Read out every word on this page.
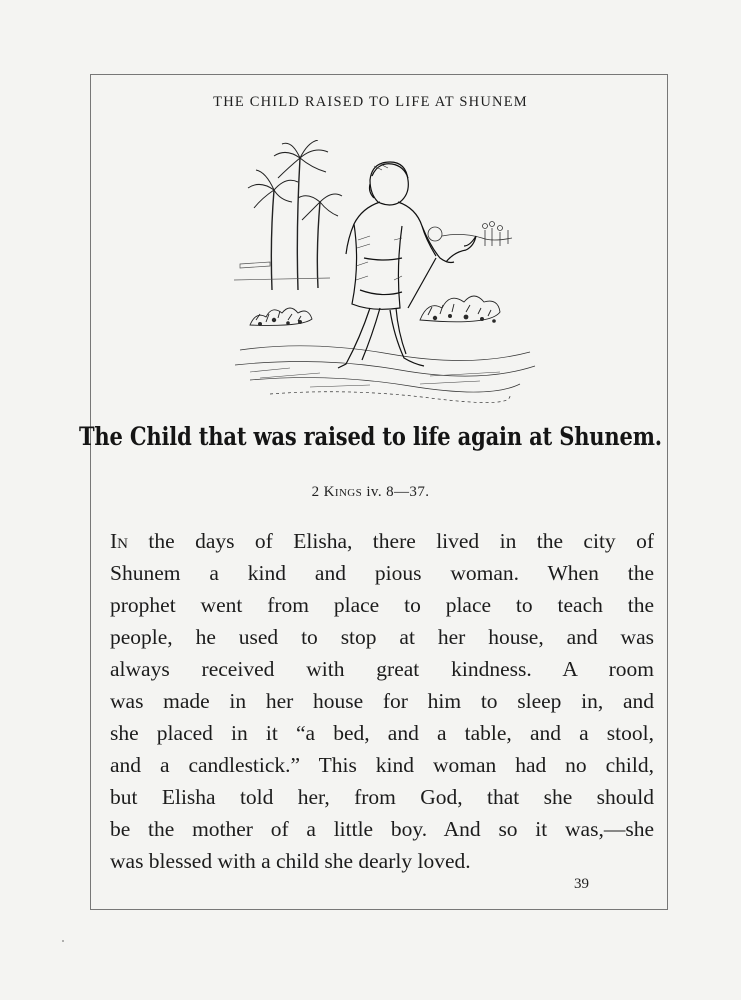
THE CHILD RAISED TO LIFE AT SHUNEM
The Child that was raised to life again at Shunem.
2 Kings iv. 8—37.
In the days of Elisha, there lived in the city of
Shunem a kind and pious woman. When the
prophet went from place to place to teach the
people, he used to stop at her house, and was
always received with great kindness. A room
was made in her house for him to sleep in, and
she placed in it “a bed, and a table, and a stool,
and a candlestick.” This kind woman had no child,
but Elisha told her, from God, that she should
be the mother of a little boy. And so it was,—she
was blessed with a child she dearly loved.
39
